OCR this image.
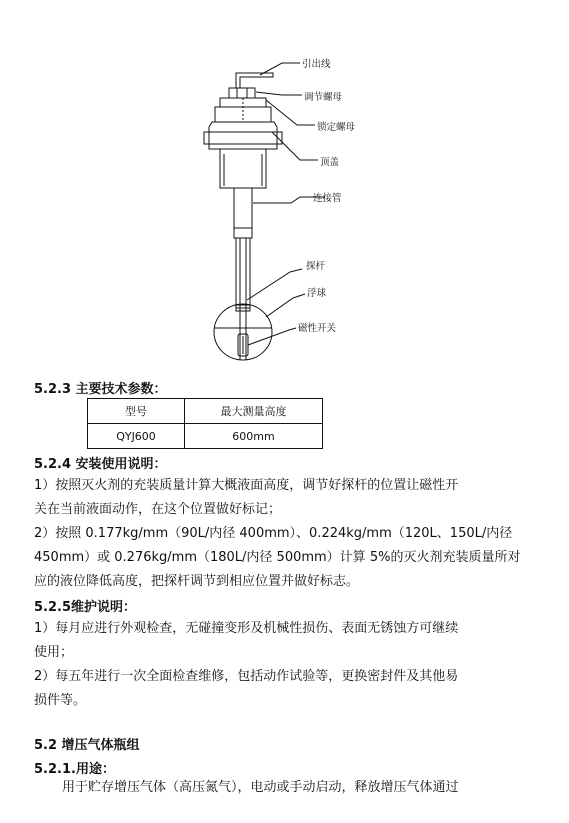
引出线
调节螺母
锁定螺母
顶盖
连接管
探杆
浮球
磁性开关
5.2.3 主要技术参数：
型号	最大测量高度
QYJ600	600mm
5.2.4 安装使用说明：
1）按照灭火剂的充装质量计算大概液面高度，调节好探杆的位置让磁性开
关在当前液面动作，在这个位置做好标记；
2）按照 0.177kg/mm（90L/内径 400mm）、0.224kg/mm（120L、150L/内径
450mm）或 0.276kg/mm（180L/内径 500mm）计算 5%的灭火剂充装质量所对
应的液位降低高度，把探杆调节到相应位置并做好标志。
5.2.5维护说明：
1）每月应进行外观检查，无碰撞变形及机械性损伤、表面无锈蚀方可继续
使用；
2）每五年进行一次全面检查维修，包括动作试验等，更换密封件及其他易
损件等。
5.2 增压气体瓶组
5.2.1.用途：
用于贮存增压气体（高压氮气），电动或手动启动，释放增压气体通过
